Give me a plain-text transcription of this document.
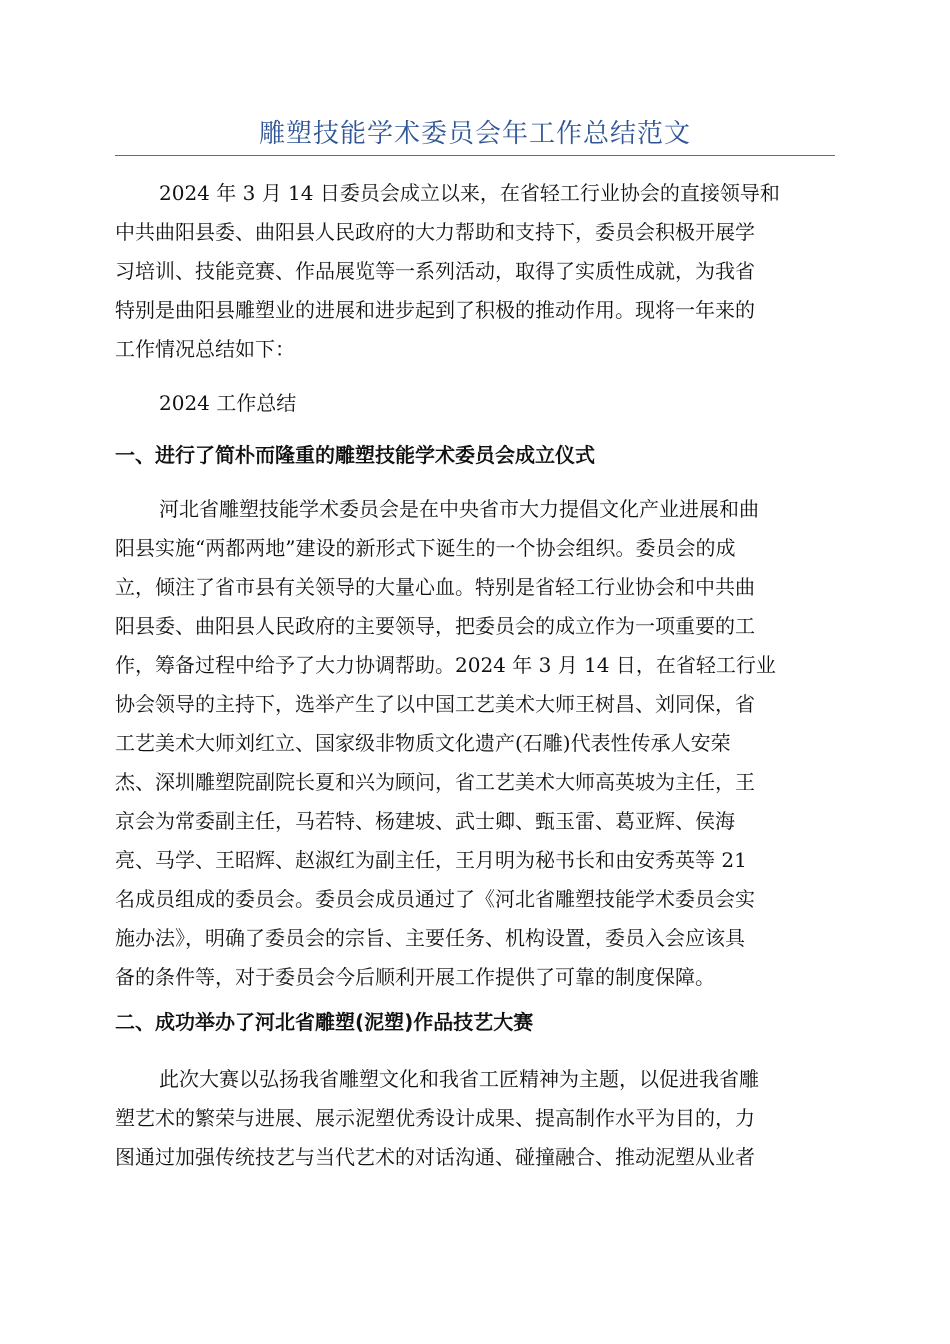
雕塑技能学术委员会年工作总结范文
2024 年 3 月 14 日委员会成立以来，在省轻工行业协会的直接领导和
中共曲阳县委、曲阳县人民政府的大力帮助和支持下，委员会积极开展学
习培训、技能竞赛、作品展览等一系列活动，取得了实质性成就，为我省
特别是曲阳县雕塑业的进展和进步起到了积极的推动作用。现将一年来的
工作情况总结如下：
2024 工作总结
一、进行了简朴而隆重的雕塑技能学术委员会成立仪式
河北省雕塑技能学术委员会是在中央省市大力提倡文化产业进展和曲
阳县实施“两都两地”建设的新形式下诞生的一个协会组织。委员会的成
立，倾注了省市县有关领导的大量心血。特别是省轻工行业协会和中共曲
阳县委、曲阳县人民政府的主要领导，把委员会的成立作为一项重要的工
作，筹备过程中给予了大力协调帮助。2024 年 3 月 14 日，在省轻工行业
协会领导的主持下，选举产生了以中国工艺美术大师王树昌、刘同保，省
工艺美术大师刘红立、国家级非物质文化遗产(石雕)代表性传承人安荣
杰、深圳雕塑院副院长夏和兴为顾问，省工艺美术大师高英坡为主任，王
京会为常委副主任，马若特、杨建坡、武士卿、甄玉雷、葛亚辉、侯海
亮、马学、王昭辉、赵淑红为副主任，王月明为秘书长和由安秀英等 21
名成员组成的委员会。委员会成员通过了《河北省雕塑技能学术委员会实
施办法》，明确了委员会的宗旨、主要任务、机构设置，委员入会应该具
备的条件等，对于委员会今后顺利开展工作提供了可靠的制度保障。
二、成功举办了河北省雕塑(泥塑)作品技艺大赛
此次大赛以弘扬我省雕塑文化和我省工匠精神为主题，以促进我省雕
塑艺术的繁荣与进展、展示泥塑优秀设计成果、提高制作水平为目的，力
图通过加强传统技艺与当代艺术的对话沟通、碰撞融合、推动泥塑从业者
